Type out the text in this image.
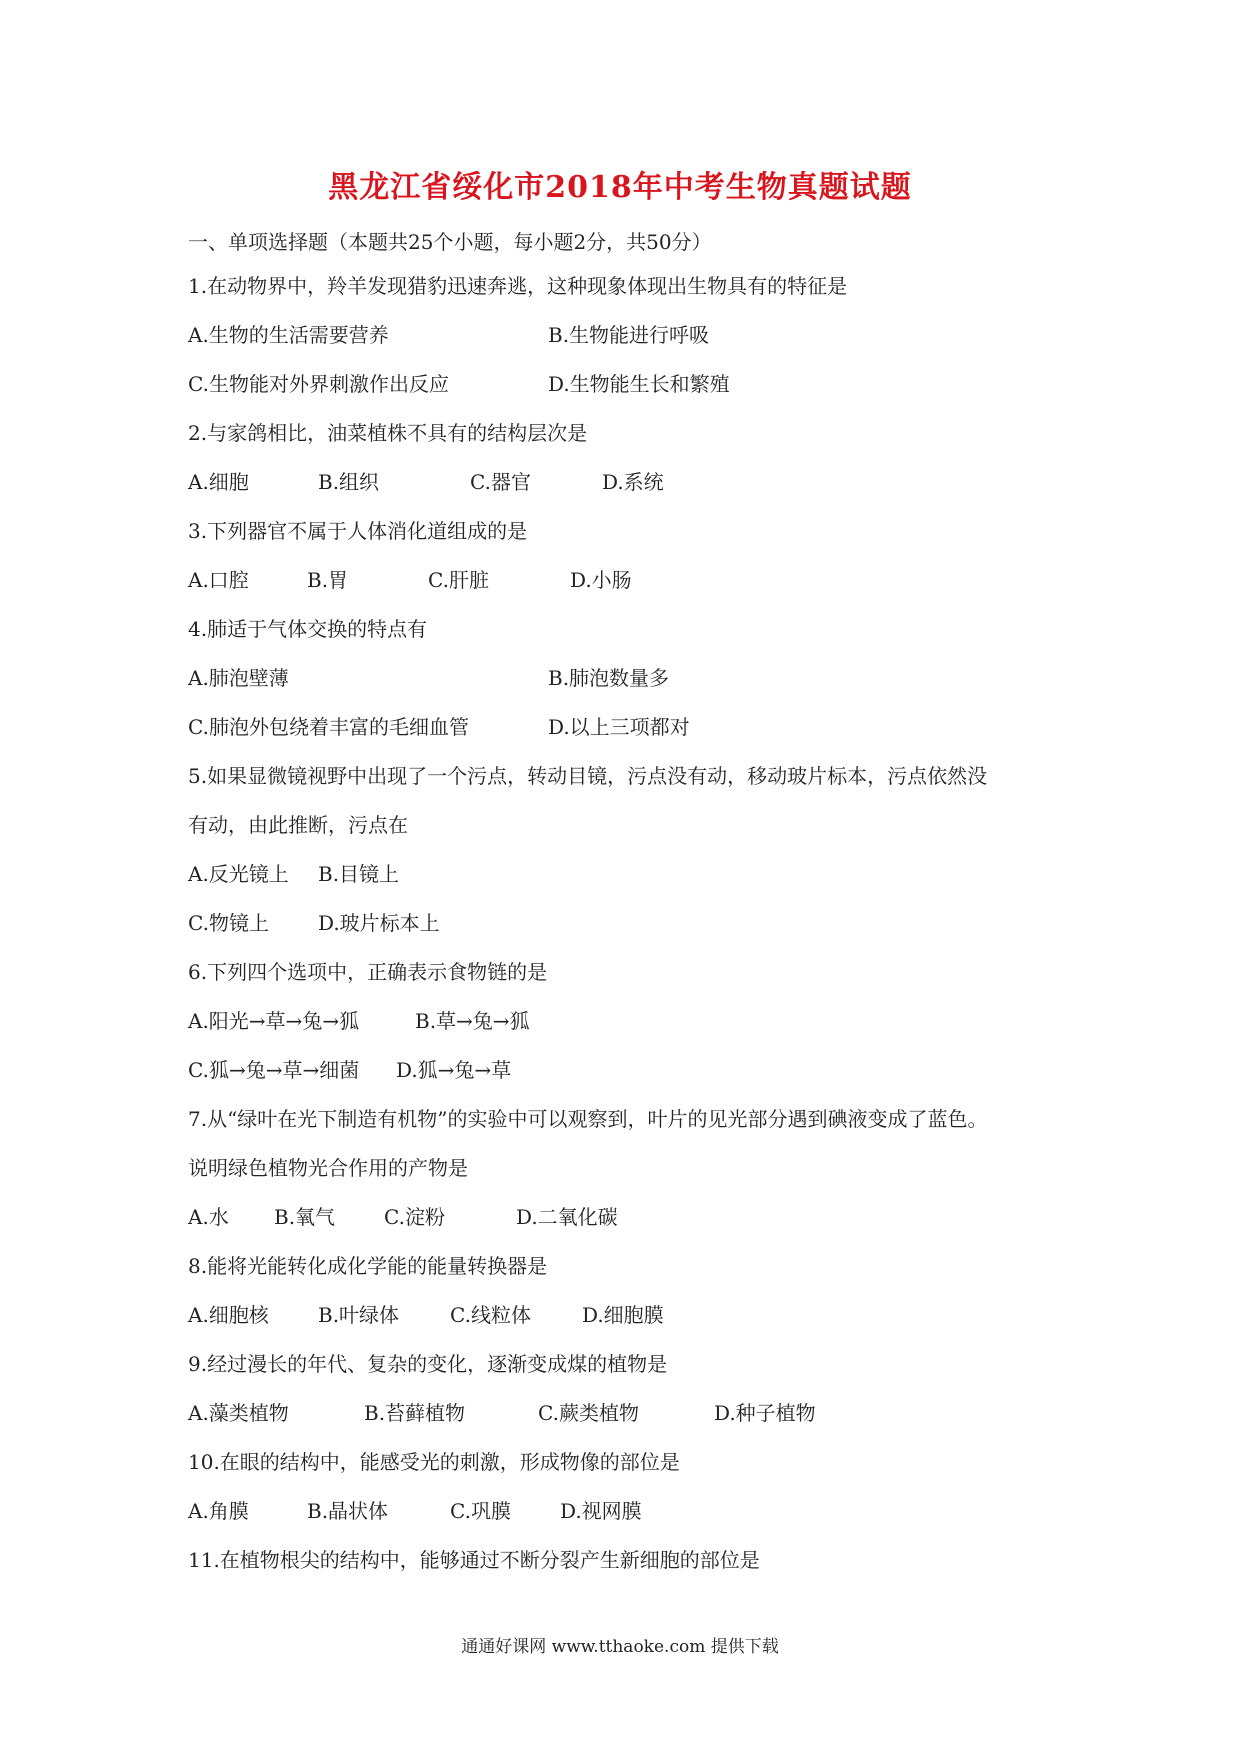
黑龙江省绥化市2018年中考生物真题试题
一、单项选择题（本题共25个小题，每小题2分，共50分）
1.在动物界中，羚羊发现猎豹迅速奔逃，这种现象体现出生物具有的特征是
A.生物的生活需要营养	B.生物能进行呼吸
C.生物能对外界刺激作出反应	D.生物能生长和繁殖
2.与家鸽相比，油菜植株不具有的结构层次是
A.细胞	B.组织	C.器官	D.系统
3.下列器官不属于人体消化道组成的是
A.口腔	B.胃	C.肝脏	D.小肠
4.肺适于气体交换的特点有
A.肺泡壁薄	B.肺泡数量多
C.肺泡外包绕着丰富的毛细血管	D.以上三项都对
5.如果显微镜视野中出现了一个污点，转动目镜，污点没有动，移动玻片标本，污点依然没
有动，由此推断，污点在
A.反光镜上 B.目镜上
C.物镜上 D.玻片标本上
6.下列四个选项中，正确表示食物链的是
A.阳光→草→兔→狐	B.草→兔→狐
C.狐→兔→草→细菌 D.狐→兔→草
7.从“绿叶在光下制造有机物”的实验中可以观察到，叶片的见光部分遇到碘液变成了蓝色。
说明绿色植物光合作用的产物是
A.水 B.氧气 C.淀粉	D.二氧化碳
8.能将光能转化成化学能的能量转换器是
A.细胞核 B.叶绿体	C.线粒体	D.细胞膜
9.经过漫长的年代、复杂的变化，逐渐变成煤的植物是
A.藻类植物	B.苔藓植物	C.蕨类植物	D.种子植物
10.在眼的结构中，能感受光的刺激，形成物像的部位是
A.角膜	B.晶状体	C.巩膜 D.视网膜
11.在植物根尖的结构中，能够通过不断分裂产生新细胞的部位是
通通好课网 www.tthaoke.com 提供下载
